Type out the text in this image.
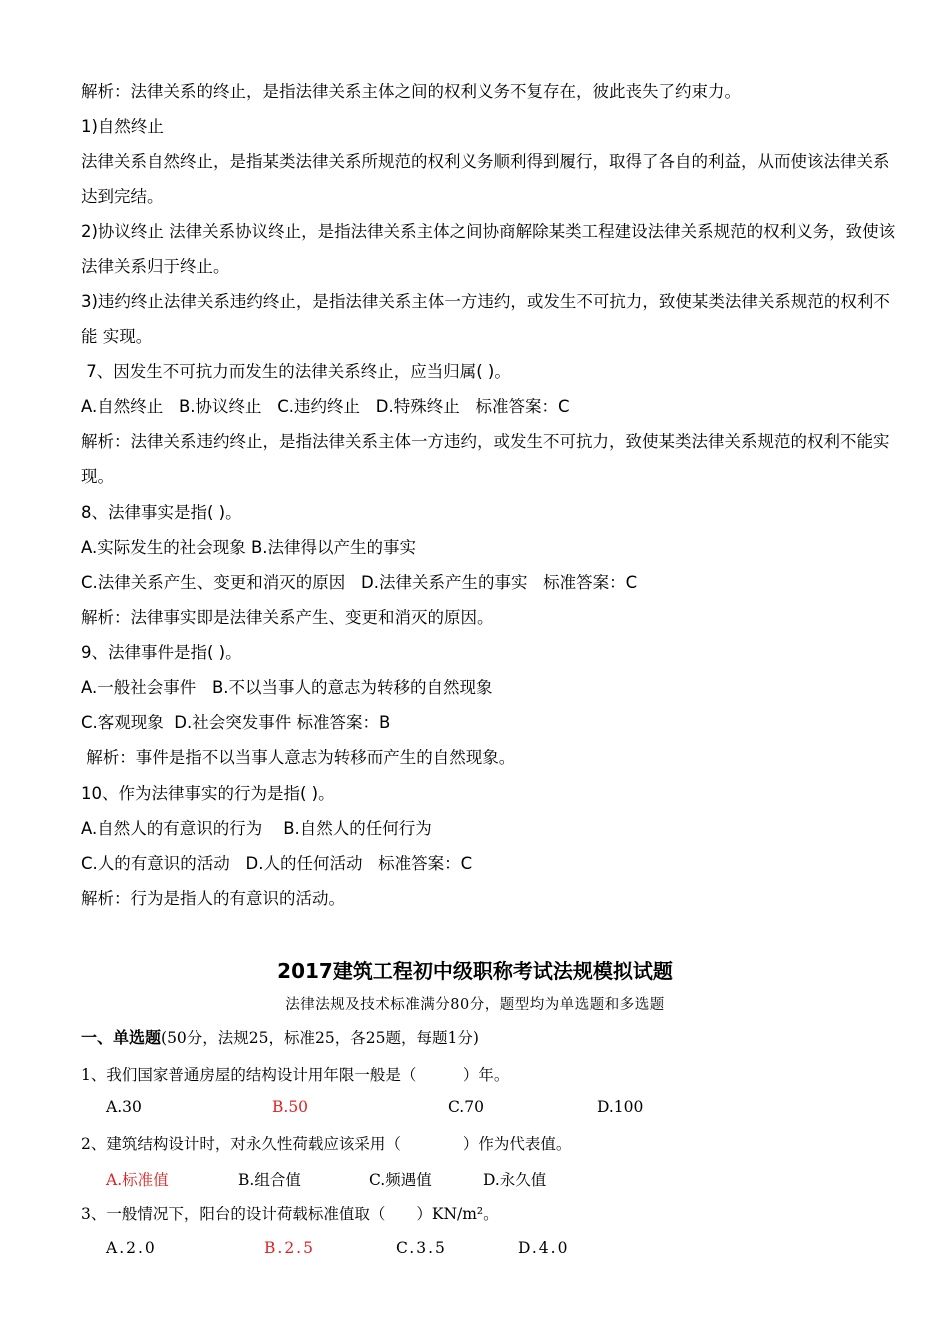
解析：法律关系的终止，是指法律关系主体之间的权利义务不复存在，彼此丧失了约束力。
1)自然终止
法律关系自然终止，是指某类法律关系所规范的权利义务顺利得到履行，取得了各自的利益，从而使该法律关系达到完结。
2)协议终止 法律关系协议终止，是指法律关系主体之间协商解除某类工程建设法律关系规范的权利义务，致使该法律关系归于终止。
3)违约终止法律关系违约终止，是指法律关系主体一方违约，或发生不可抗力，致使某类法律关系规范的权利不能 实现。
7、因发生不可抗力而发生的法律关系终止，应当归属( )。
A.自然终止   B.协议终止   C.违约终止   D.特殊终止   标准答案：C
解析：法律关系违约终止，是指法律关系主体一方违约，或发生不可抗力，致使某类法律关系规范的权利不能实现。
8、法律事实是指( )。
A.实际发生的社会现象 B.法律得以产生的事实
C.法律关系产生、变更和消灭的原因   D.法律关系产生的事实   标准答案：C
解析：法律事实即是法律关系产生、变更和消灭的原因。
9、法律事件是指( )。
A.一般社会事件   B.不以当事人的意志为转移的自然现象
C.客观现象  D.社会突发事件 标准答案：B
解析：事件是指不以当事人意志为转移而产生的自然现象。
10、作为法律事实的行为是指( )。
A.自然人的有意识的行为    B.自然人的任何行为
C.人的有意识的活动   D.人的任何活动   标准答案：C
解析：行为是指人的有意识的活动。
2017建筑工程初中级职称考试法规模拟试题
法律法规及技术标准满分80分，题型均为单选题和多选题
一、单选题(50分，法规25，标准25，各25题，每题1分)
1、我们国家普通房屋的结构设计用年限一般是（　　　）年。
A.30	B.50	C.70	D.100
2、建筑结构设计时，对永久性荷载应该采用（　　　　）作为代表值。
A.标准值	B.组合值	C.频遇值	D.永久值
3、一般情况下，阳台的设计荷载标准值取（　　）KN/m²。
A.2.0	B.2.5	C.3.5	D.4.0
